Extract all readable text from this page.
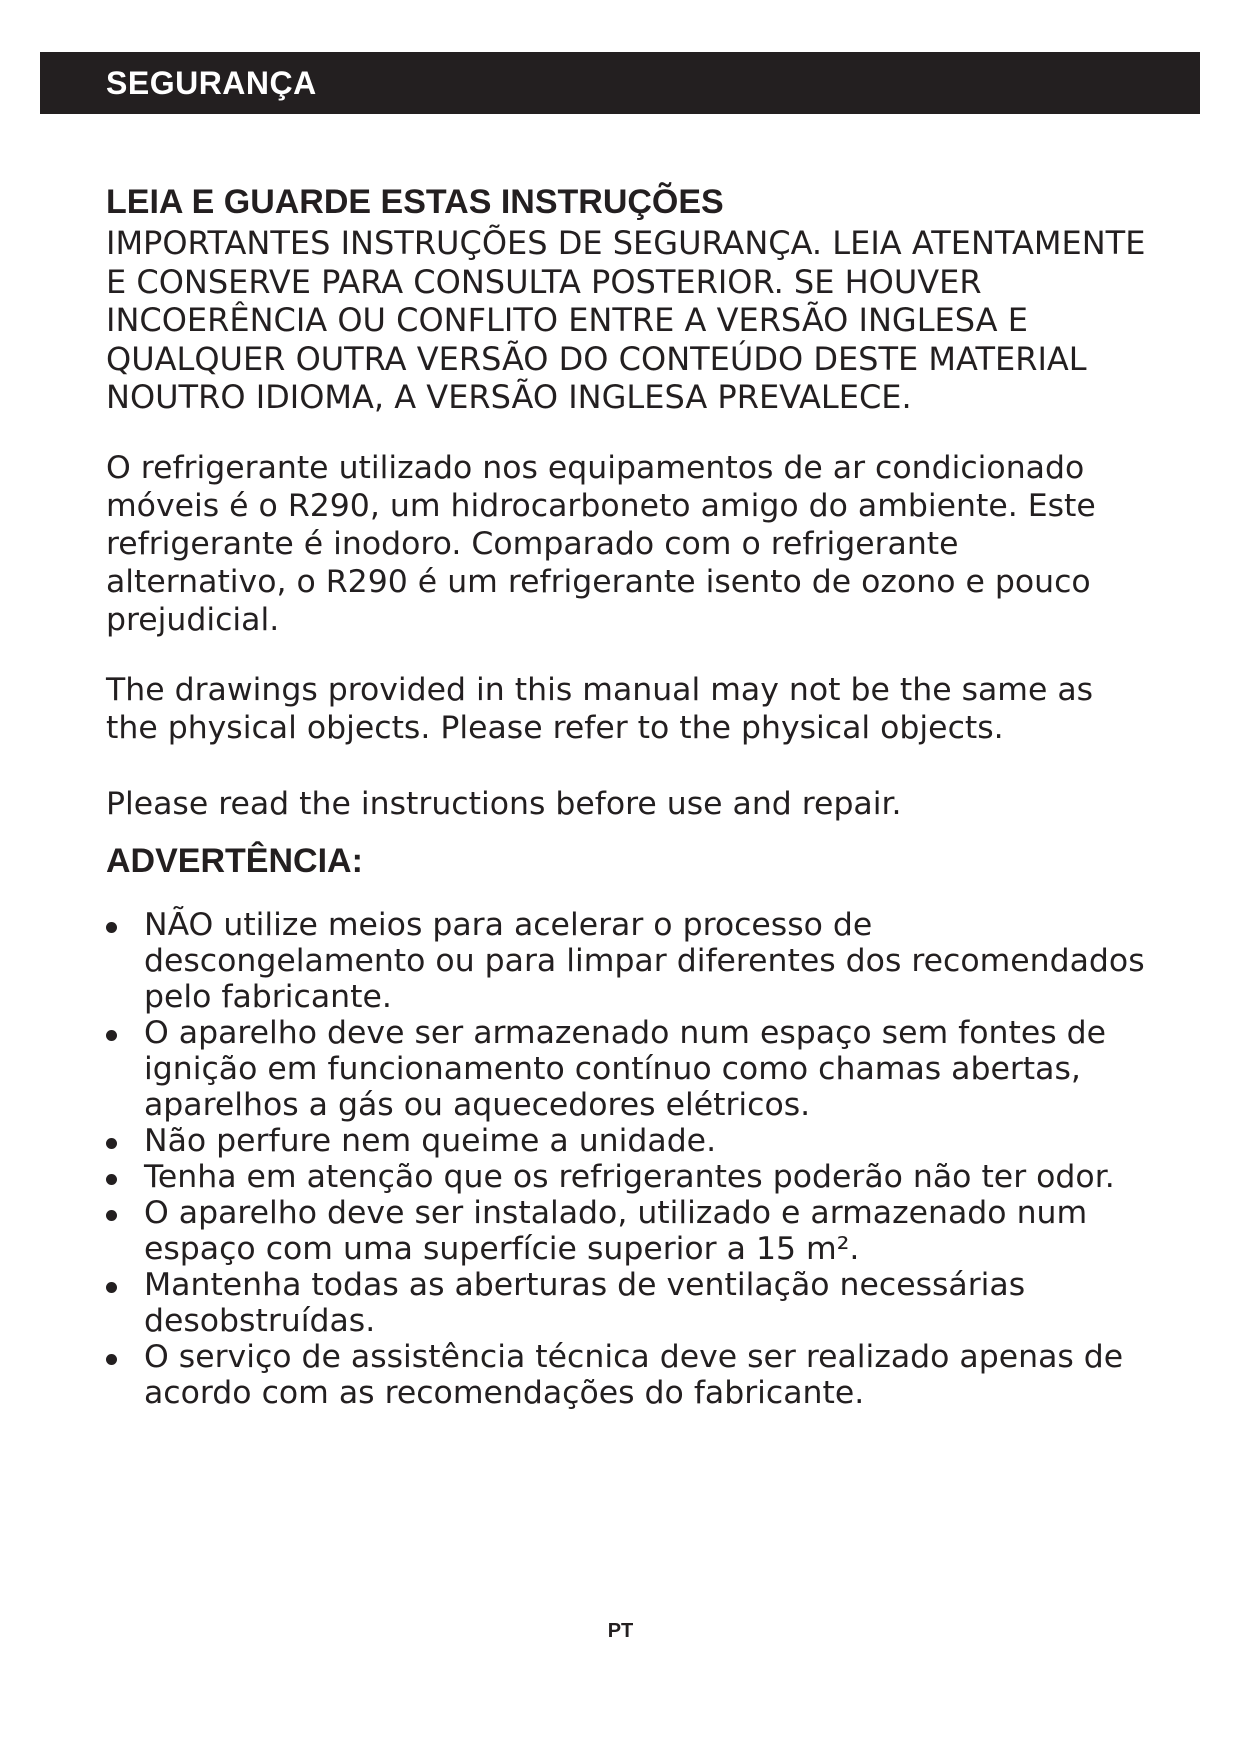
SEGURANÇA
LEIA E GUARDE ESTAS INSTRUÇÕES

IMPORTANTES INSTRUÇÕES DE SEGURANÇA. LEIA ATENTAMENTE E CONSERVE PARA CONSULTA POSTERIOR. SE HOUVER INCOERÊNCIA OU CONFLITO ENTRE A VERSÃO INGLESA E QUALQUER OUTRA VERSÃO DO CONTEÚDO DESTE MATERIAL NOUTRO IDIOMA, A VERSÃO INGLESA PREVALECE.

O refrigerante utilizado nos equipamentos de ar condicionado móveis é o R290, um hidrocarboneto amigo do ambiente. Este refrigerante é inodoro. Comparado com o refrigerante alternativo, o R290 é um refrigerante isento de ozono e pouco prejudicial.

The drawings provided in this manual may not be the same as the physical objects. Please refer to the physical objects.

Please read the instructions before use and repair.

ADVERTÊNCIA:
NÃO utilize meios para acelerar o processo de descongelamento ou para limpar diferentes dos recomendados pelo fabricante.
O aparelho deve ser armazenado num espaço sem fontes de ignição em funcionamento contínuo como chamas abertas, aparelhos a gás ou aquecedores elétricos.
Não perfure nem queime a unidade.
Tenha em atenção que os refrigerantes poderão não ter odor.
O aparelho deve ser instalado, utilizado e armazenado num espaço com uma superfície superior a 15 m².
Mantenha todas as aberturas de ventilação necessárias desobstruídas.
O serviço de assistência técnica deve ser realizado apenas de acordo com as recomendações do fabricante.
PT
